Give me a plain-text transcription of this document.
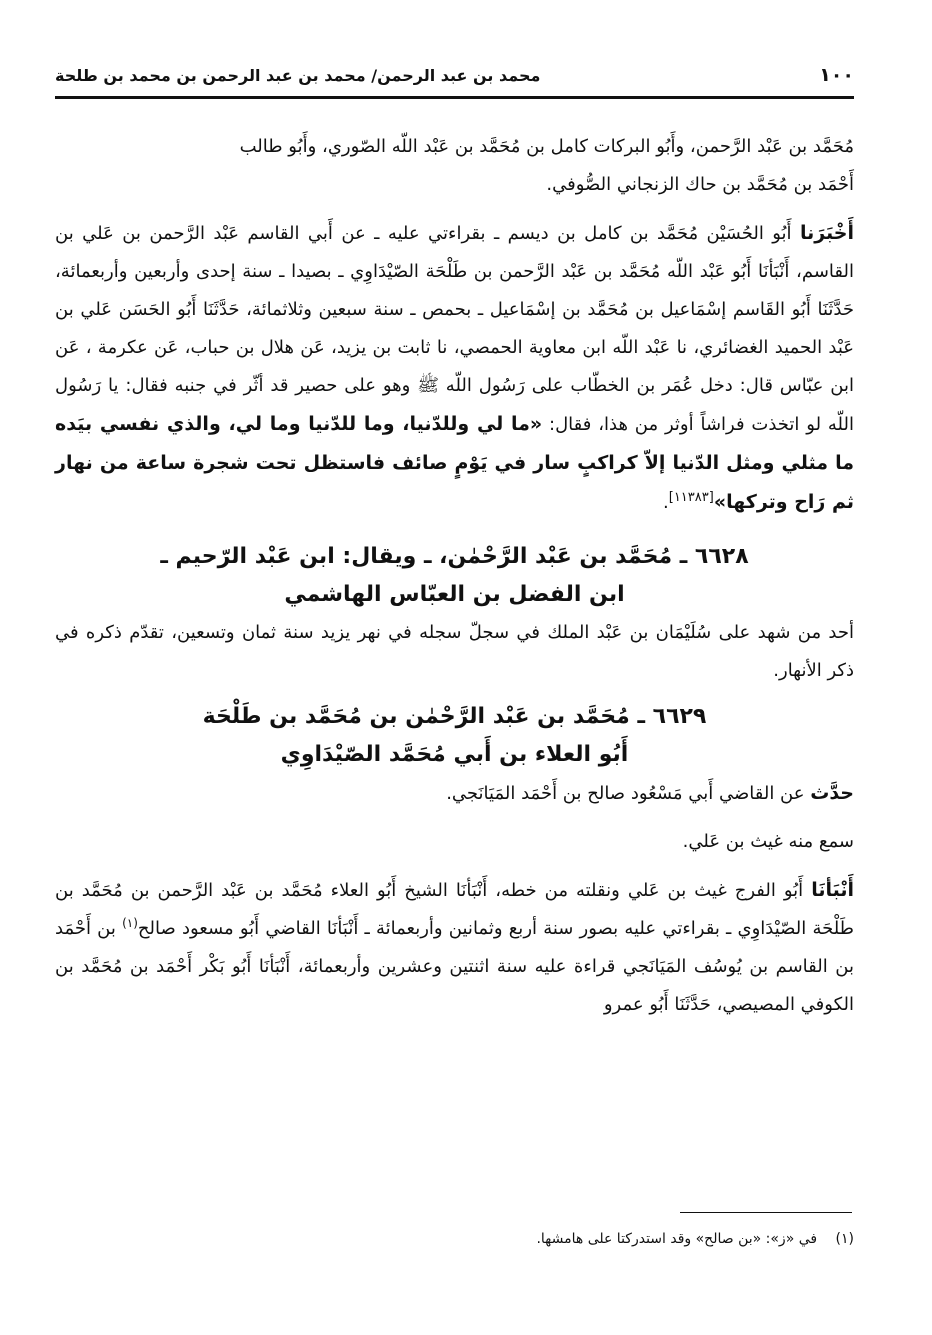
١٠٠
محمد بن عبد الرحمن/ محمد بن عبد الرحمن بن محمد بن طلحة

مُحَمَّد بن عَبْد الرَّحمن، وأَبُو البركات كامل بن مُحَمَّد بن عَبْد اللّه الصّوري، وأَبُو طالب
أَحْمَد بن مُحَمَّد بن حاك الزنجاني الصُّوفي.

أَخْبَرَنا أَبُو الحُسَيْن مُحَمَّد بن كامل بن ديسم ـ بقراءتي عليه ـ عن أَبي القاسم عَبْد الرَّحمن بن عَلي بن القاسم، أَنْبَأنَا أَبُو عَبْد اللّه مُحَمَّد بن عَبْد الرَّحمن بن طَلْحَة الصّيْدَاوِي ـ بصيدا ـ سنة إحدى وأربعين وأربعمائة، حَدَّثَنَا أَبُو القَاسم إسْمَاعيل بن مُحَمَّد بن إسْمَاعيل ـ بحمص ـ سنة سبعين وثلاثمائة، حَدَّثَنَا أَبُو الحَسَن عَلي بن عَبْد الحميد الغضائري، نا عَبْد اللّه ابن معاوية الحمصي، نا ثابت بن يزيد، عَن هلال بن حباب، عَن عكرمة ، عَن ابن عبّاس قال: دخل عُمَر بن الخطّاب على رَسُول اللّه ﷺ وهو على حصير قد أثّر في جنبه فقال: يا رَسُول اللّه لو اتخذت فراشاً أوثر من هذا، فقال: «ما لي وللدّنيا، وما للدّنيا وما لي، والذي نفسي بيَده ما مثلي ومثل الدّنيا إلاّ كراكبٍ سار في يَوْمٍ صائف فاستظل تحت شجرة ساعة من نهار ثم رَاح وتركها»[١١٣٨٣].

٦٦٢٨ ـ مُحَمَّد بن عَبْد الرَّحْمٰن، ـ ويقال: ابن عَبْد الرّحيم ـ

ابن الفضل بن العبّاس الهاشمي

أحد من شهد على سُلَيْمَان بن عَبْد الملك في سجلّ سجله في نهر يزيد سنة ثمان وتسعين، تقدّم ذكره في ذكر الأنهار.

٦٦٢٩ ـ مُحَمَّد بن عَبْد الرَّحْمٰن بن مُحَمَّد بن طَلْحَة

أَبُو العلاء بن أَبي مُحَمَّد الصّيْدَاوِي

حدَّث عن القاضي أَبي مَسْعُود صالح بن أَحْمَد المَيَانَجي.

سمع منه غيث بن عَلي.

أَنْبَأنَا أَبُو الفرج غيث بن عَلي ونقلته من خطه، أَنْبَأنَا الشيخ أَبُو العلاء مُحَمَّد بن عَبْد الرَّحمن بن مُحَمَّد بن طَلْحَة الصّيْدَاوِي ـ بقراءتي عليه بصور سنة أربع وثمانين وأربعمائة ـ أَنْبَأنَا القاضي أَبُو مسعود صالح$^{(١)}$ بن أَحْمَد بن القاسم بن يُوسُف المَيَانَجي قراءة عليه سنة اثنتين وعشرين وأربعمائة، أَنْبَأنَا أَبُو بَكْر أَحْمَد بن مُحَمَّد بن الكوفي المصيصي، حَدَّثَنَا أَبُو عمرو

(١) في «ز»: «بن صالح» وقد استدركتا على هامشها.
